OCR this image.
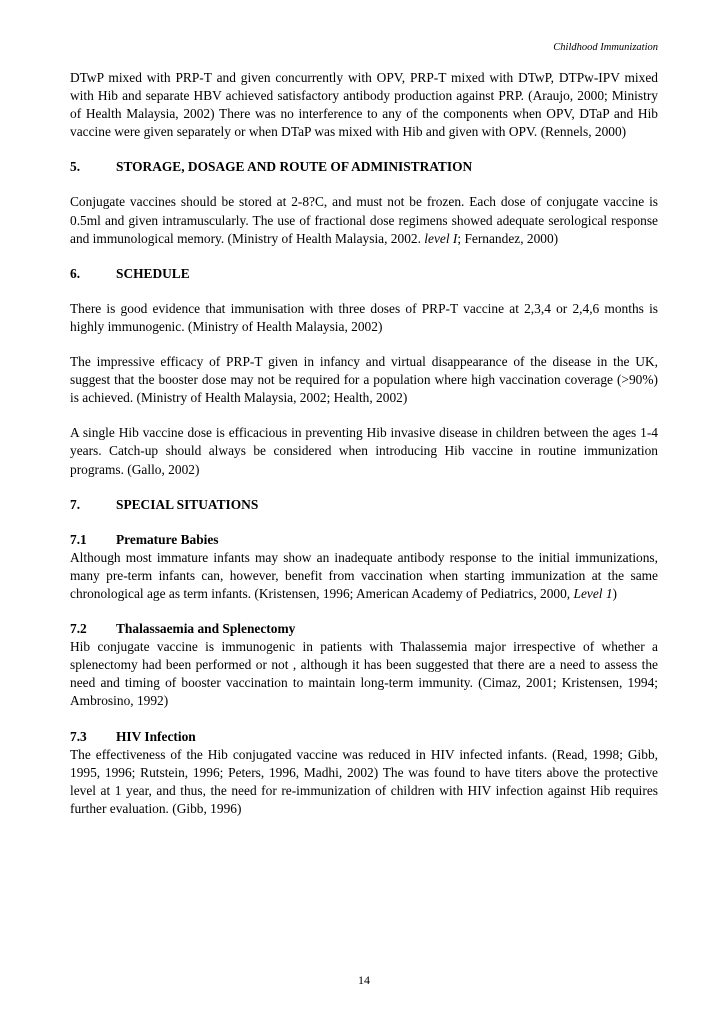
Childhood Immunization

DTwP mixed with PRP-T and given concurrently with OPV, PRP-T mixed with DTwP, DTPw-IPV mixed with Hib and separate HBV achieved satisfactory antibody production against PRP. (Araujo, 2000; Ministry of Health Malaysia, 2002) There was no interference to any of the components when OPV, DTaP and Hib vaccine were given separately or when DTaP was mixed with Hib and given with OPV. (Rennels, 2000)

5.	STORAGE, DOSAGE AND ROUTE OF ADMINISTRATION

Conjugate vaccines should be stored at 2-8?C, and must not be frozen. Each dose of conjugate vaccine is 0.5ml and given intramuscularly. The use of fractional dose regimens showed adequate serological response and immunological memory. (Ministry of Health Malaysia, 2002. level I; Fernandez, 2000)

6.	SCHEDULE

There is good evidence that immunisation with three doses of PRP-T vaccine at 2,3,4 or 2,4,6 months is highly immunogenic. (Ministry of Health Malaysia, 2002)

The impressive efficacy of PRP-T given in infancy and virtual disappearance of the disease in the UK, suggest that the booster dose may not be required for a population where high vaccination coverage (>90%) is achieved. (Ministry of Health Malaysia, 2002; Health, 2002)

A single Hib vaccine dose is efficacious in preventing Hib invasive disease in children between the ages 1-4 years. Catch-up should always be considered when introducing Hib vaccine in routine immunization programs. (Gallo, 2002)

7.	SPECIAL SITUATIONS
7.1 Premature Babies

Although most immature infants may show an inadequate antibody response to the initial immunizations, many pre-term infants can, however, benefit from vaccination when starting immunization at the same chronological age as term infants. (Kristensen, 1996; American Academy of Pediatrics, 2000, Level 1)

7.2 Thalassaemia and Splenectomy

Hib conjugate vaccine is immunogenic in patients with Thalassemia major irrespective of whether a splenectomy had been performed or not , although it has been suggested that there are a need to assess the need and timing of booster vaccination to maintain long-term immunity. (Cimaz, 2001; Kristensen, 1994; Ambrosino, 1992)

7.3 HIV Infection

The effectiveness of the Hib conjugated vaccine was reduced in HIV infected infants. (Read, 1998; Gibb, 1995, 1996; Rutstein, 1996; Peters, 1996, Madhi, 2002) The was found to have titers above the protective level at 1 year, and thus, the need for re-immunization of children with HIV infection against Hib requires further evaluation. (Gibb, 1996)

14
